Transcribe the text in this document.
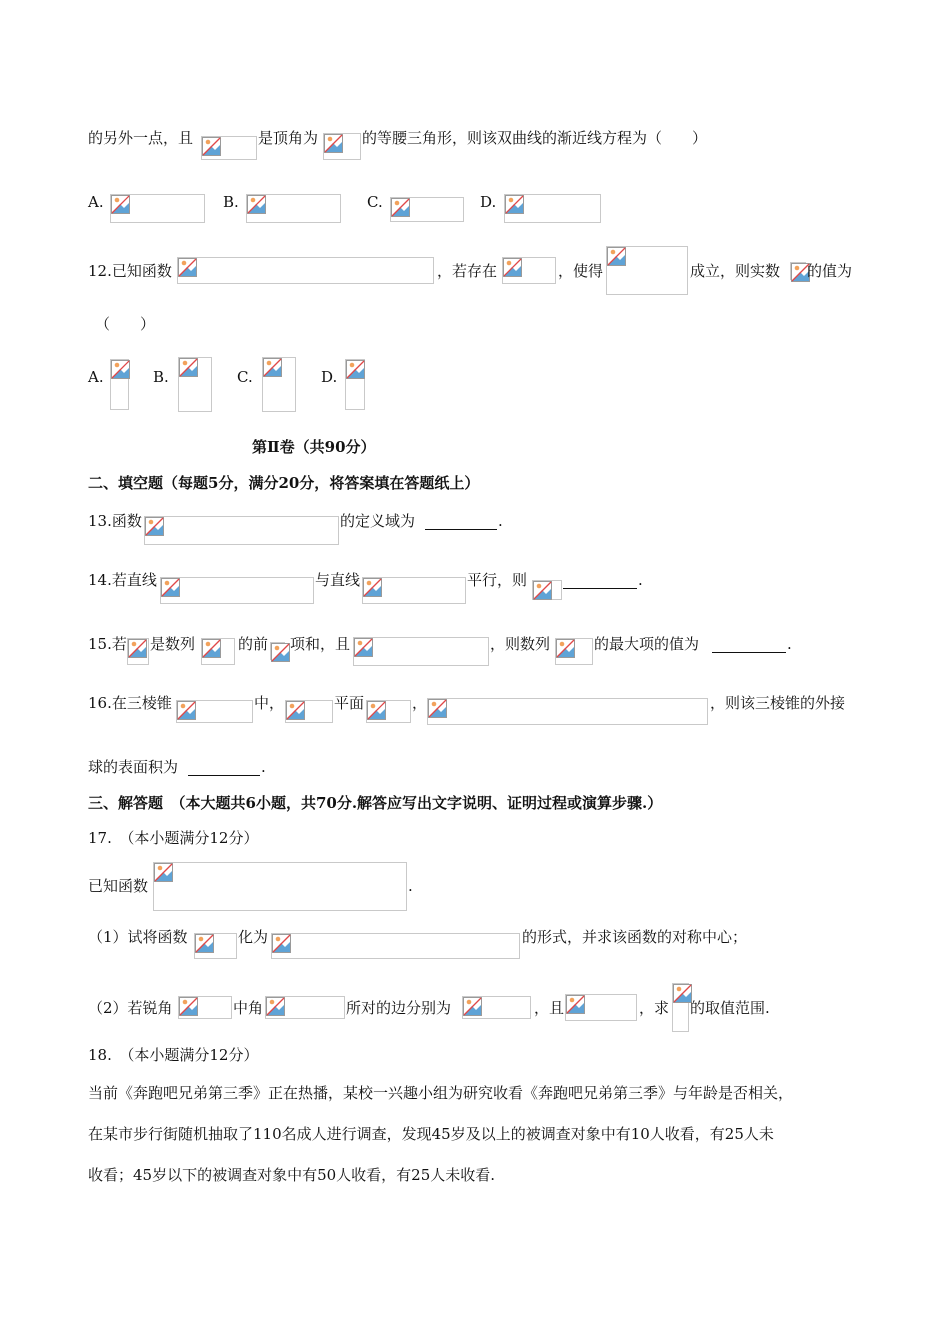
的另外一点，且	是顶角为	的等腰三角形，则该双曲线的渐近线方程为（　　）
A.	B.	C.	D.
12.已知函数	，若存在	，使得	成立，则实数 的值为
（　　）
A.	B.	C.	D.
第Ⅱ卷（共90分）
二、填空题（每题5分，满分20分，将答案填在答题纸上）
13.函数	的定义域为	.
14.若直线	与直线	平行，则	.
15.若 是数列	的前 项和，且	，则数列	的最大项的值为	.
16.在三棱锥	中，	平面	，	，则该三棱锥的外接
球的表面积为	.
三、解答题　（本大题共6小题，共70分.解答应写出文字说明、证明过程或演算步骤.）
17.　（本小题满分12分）
已知函数	.
（1）试将函数	化为	的形式，并求该函数的对称中心；
（2）若锐角	中角	所对的边分别为	，且	，求 的取值范围.
18.　（本小题满分12分）
当前《奔跑吧兄弟第三季》正在热播，某校一兴趣小组为研究收看《奔跑吧兄弟第三季》与年龄是否相关，
在某市步行街随机抽取了110名成人进行调查，发现45岁及以上的被调查对象中有10人收看，有25人未
收看；45岁以下的被调查对象中有50人收看，有25人未收看.
